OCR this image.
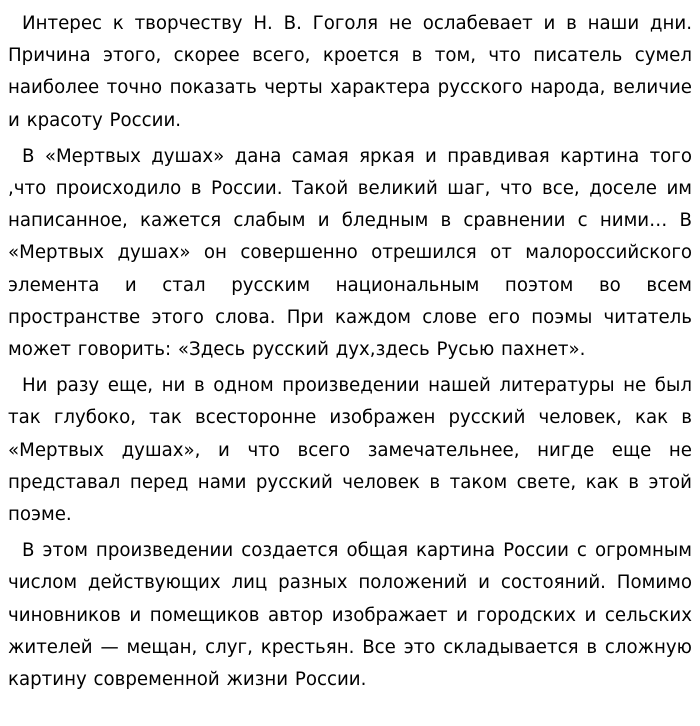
Интерес к творчеству Н. В. Гоголя не ослабевает и в наши дни. Причина этого, скорее всего, кроется в том, что писатель сумел наиболее точно показать черты характера русского народа, величие и красоту России.

В «Мертвых душах» дана самая яркая и правдивая картина того ,что происходило в России. Такой великий шаг, что все, доселе им написанное, кажется слабым и бледным в сравнении с ними… В «Мертвых душах» он совершенно отрешился от малороссийского элемента и стал русским национальным поэтом во всем пространстве этого слова. При каждом слове его поэмы читатель может говорить: «Здесь русский дух,здесь Русью пахнет».

Ни разу еще, ни в одном произведении нашей литературы не был так глубоко, так всесторонне изображен русский человек, как в «Мертвых душах», и что всего замечательнее, нигде еще не представал перед нами русский человек в таком свете, как в этой поэме.

В этом произведении создается общая картина России с огромным числом действующих лиц разных положений и состояний. Помимо чиновников и помещиков автор изображает и городских и сельских жителей — мещан, слуг, крестьян. Все это складывается в сложную картину современной жизни России.
